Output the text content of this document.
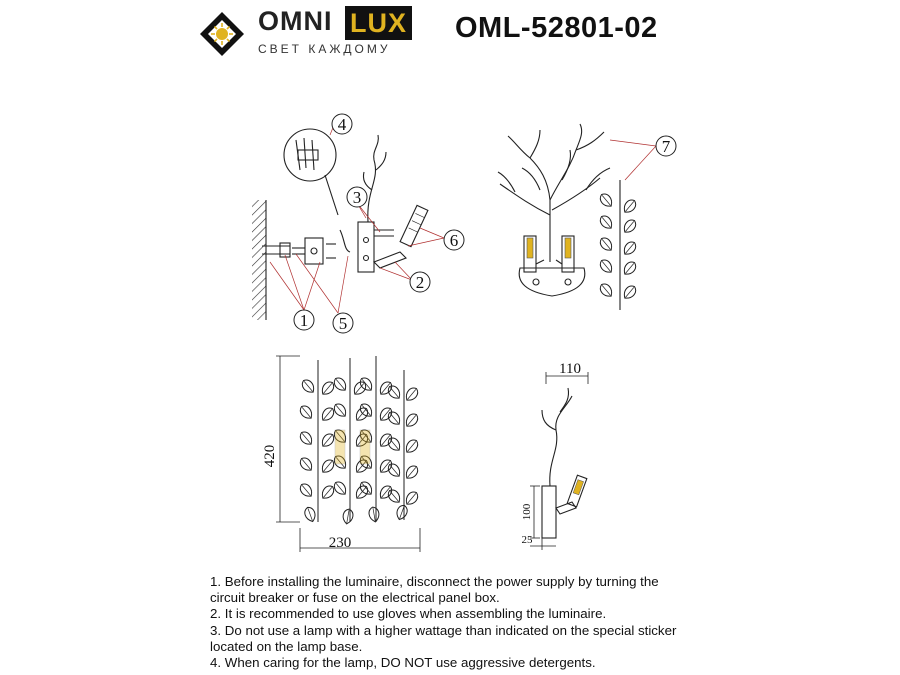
OMNI LUX
СВЕТ КАЖДОМУ
OML-52801-02
1
2
3
4
5
6
7
420
230
110
100
25

1. Before installing the luminaire, disconnect the power supply by turning the circuit breaker or fuse on the electrical panel box.

2. It is recommended to use gloves when assembling the luminaire.

3. Do not use a lamp with a higher wattage than indicated on the special sticker located on the lamp base.

4. When caring for the lamp, DO NOT use aggressive detergents.
